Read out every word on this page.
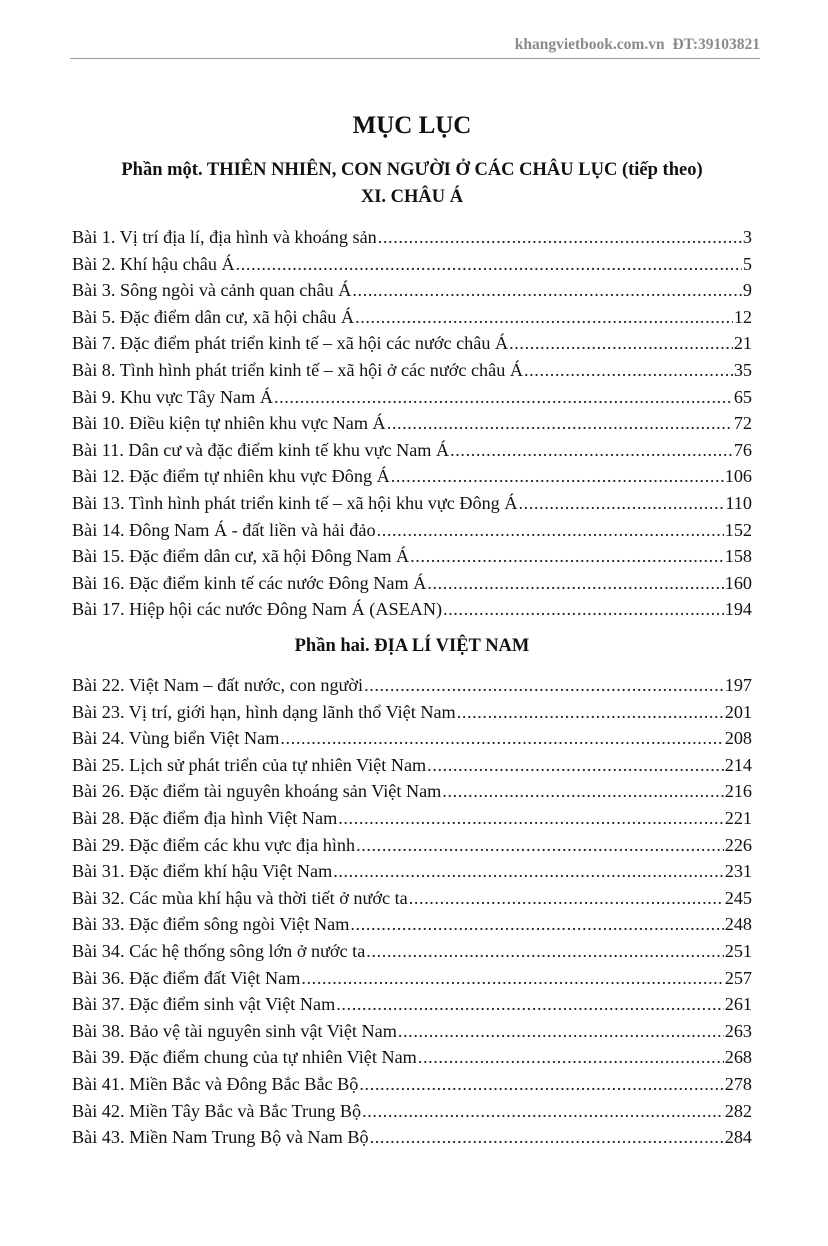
khangvietbook.com.vn ĐT:39103821
MỤC LỤC
Phần một. THIÊN NHIÊN, CON NGƯỜI Ở CÁC CHÂU LỤC (tiếp theo)
XI. CHÂU Á
Bài 1. Vị trí địa lí, địa hình và khoáng sản .....	3
Bài 2. Khí hậu châu Á .....	5
Bài 3. Sông ngòi và cảnh quan châu Á .....	9
Bài 5. Đặc điểm dân cư, xã hội châu Á .....	12
Bài 7. Đặc điểm phát triển kinh tế – xã hội các nước châu Á .....	21
Bài 8. Tình hình phát triển kinh tế – xã hội ở các nước châu Á .....	35
Bài 9. Khu vực Tây Nam Á .....	65
Bài 10. Điều kiện tự nhiên khu vực Nam Á .....	72
Bài 11. Dân cư và đặc điểm kinh tế khu vực Nam Á .....	76
Bài 12. Đặc điểm tự nhiên khu vực Đông Á .....	106
Bài 13. Tình hình phát triển kinh tế – xã hội khu vực Đông Á .....	110
Bài 14. Đông Nam Á - đất liền và hải đảo .....	152
Bài 15. Đặc điểm dân cư, xã hội Đông Nam Á .....	158
Bài 16. Đặc điểm kinh tế các nước Đông Nam Á .....	160
Bài 17. Hiệp hội các nước Đông Nam Á (ASEAN) .....	194
Phần hai. ĐỊA LÍ VIỆT NAM
Bài 22. Việt Nam – đất nước, con người .....	197
Bài 23. Vị trí, giới hạn, hình dạng lãnh thổ Việt Nam .....	201
Bài 24. Vùng biển Việt Nam .....	208
Bài 25. Lịch sử phát triển của tự nhiên Việt Nam .....	214
Bài 26. Đặc điểm tài nguyên khoáng sản Việt Nam .....	216
Bài 28. Đặc điểm địa hình Việt Nam .....	221
Bài 29. Đặc điểm các khu vực địa hình .....	226
Bài 31. Đặc điểm khí hậu Việt Nam .....	231
Bài 32. Các mùa khí hậu và thời tiết ở nước ta .....	245
Bài 33. Đặc điểm sông ngòi Việt Nam .....	248
Bài 34. Các hệ thống sông lớn ở nước ta .....	251
Bài 36. Đặc điểm đất Việt Nam .....	257
Bài 37. Đặc điểm sinh vật Việt Nam .....	261
Bài 38. Bảo vệ tài nguyên sinh vật Việt Nam .....	263
Bài 39. Đặc điểm chung của tự nhiên Việt Nam .....	268
Bài 41. Miền Bắc và Đông Bắc Bắc Bộ .....	278
Bài 42. Miền Tây Bắc và Bắc Trung Bộ .....	282
Bài 43. Miền Nam Trung Bộ và Nam Bộ .....	284
